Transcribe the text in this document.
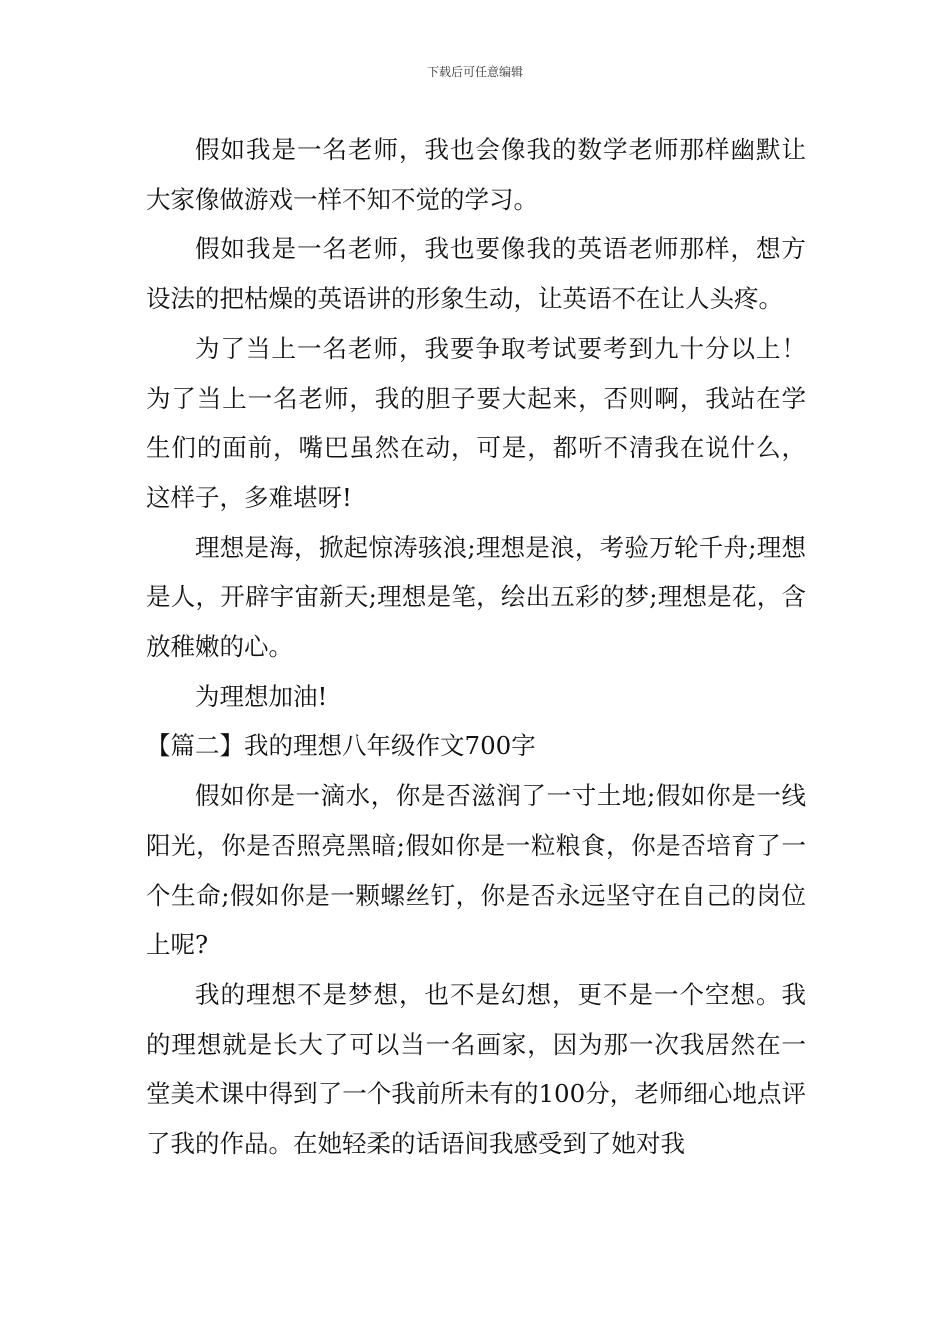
下载后可任意编辑

假如我是一名老师，我也会像我的数学老师那样幽默让大家像做游戏一样不知不觉的学习。

假如我是一名老师，我也要像我的英语老师那样，想方设法的把枯燥的英语讲的形象生动，让英语不在让人头疼。

为了当上一名老师，我要争取考试要考到九十分以上！为了当上一名老师，我的胆子要大起来，否则啊，我站在学生们的面前，嘴巴虽然在动，可是，都听不清我在说什么，这样子，多难堪呀!

理想是海，掀起惊涛骇浪;理想是浪，考验万轮千舟;理想是人，开辟宇宙新天;理想是笔，绘出五彩的梦;理想是花，含放稚嫩的心。

为理想加油!

【篇二】我的理想八年级作文700字

假如你是一滴水，你是否滋润了一寸土地;假如你是一线阳光，你是否照亮黑暗;假如你是一粒粮食，你是否培育了一个生命;假如你是一颗螺丝钉，你是否永远坚守在自己的岗位上呢?

我的理想不是梦想，也不是幻想，更不是一个空想。我的理想就是长大了可以当一名画家，因为那一次我居然在一堂美术课中得到了一个我前所未有的100分，老师细心地点评了我的作品。在她轻柔的话语间我感受到了她对我
